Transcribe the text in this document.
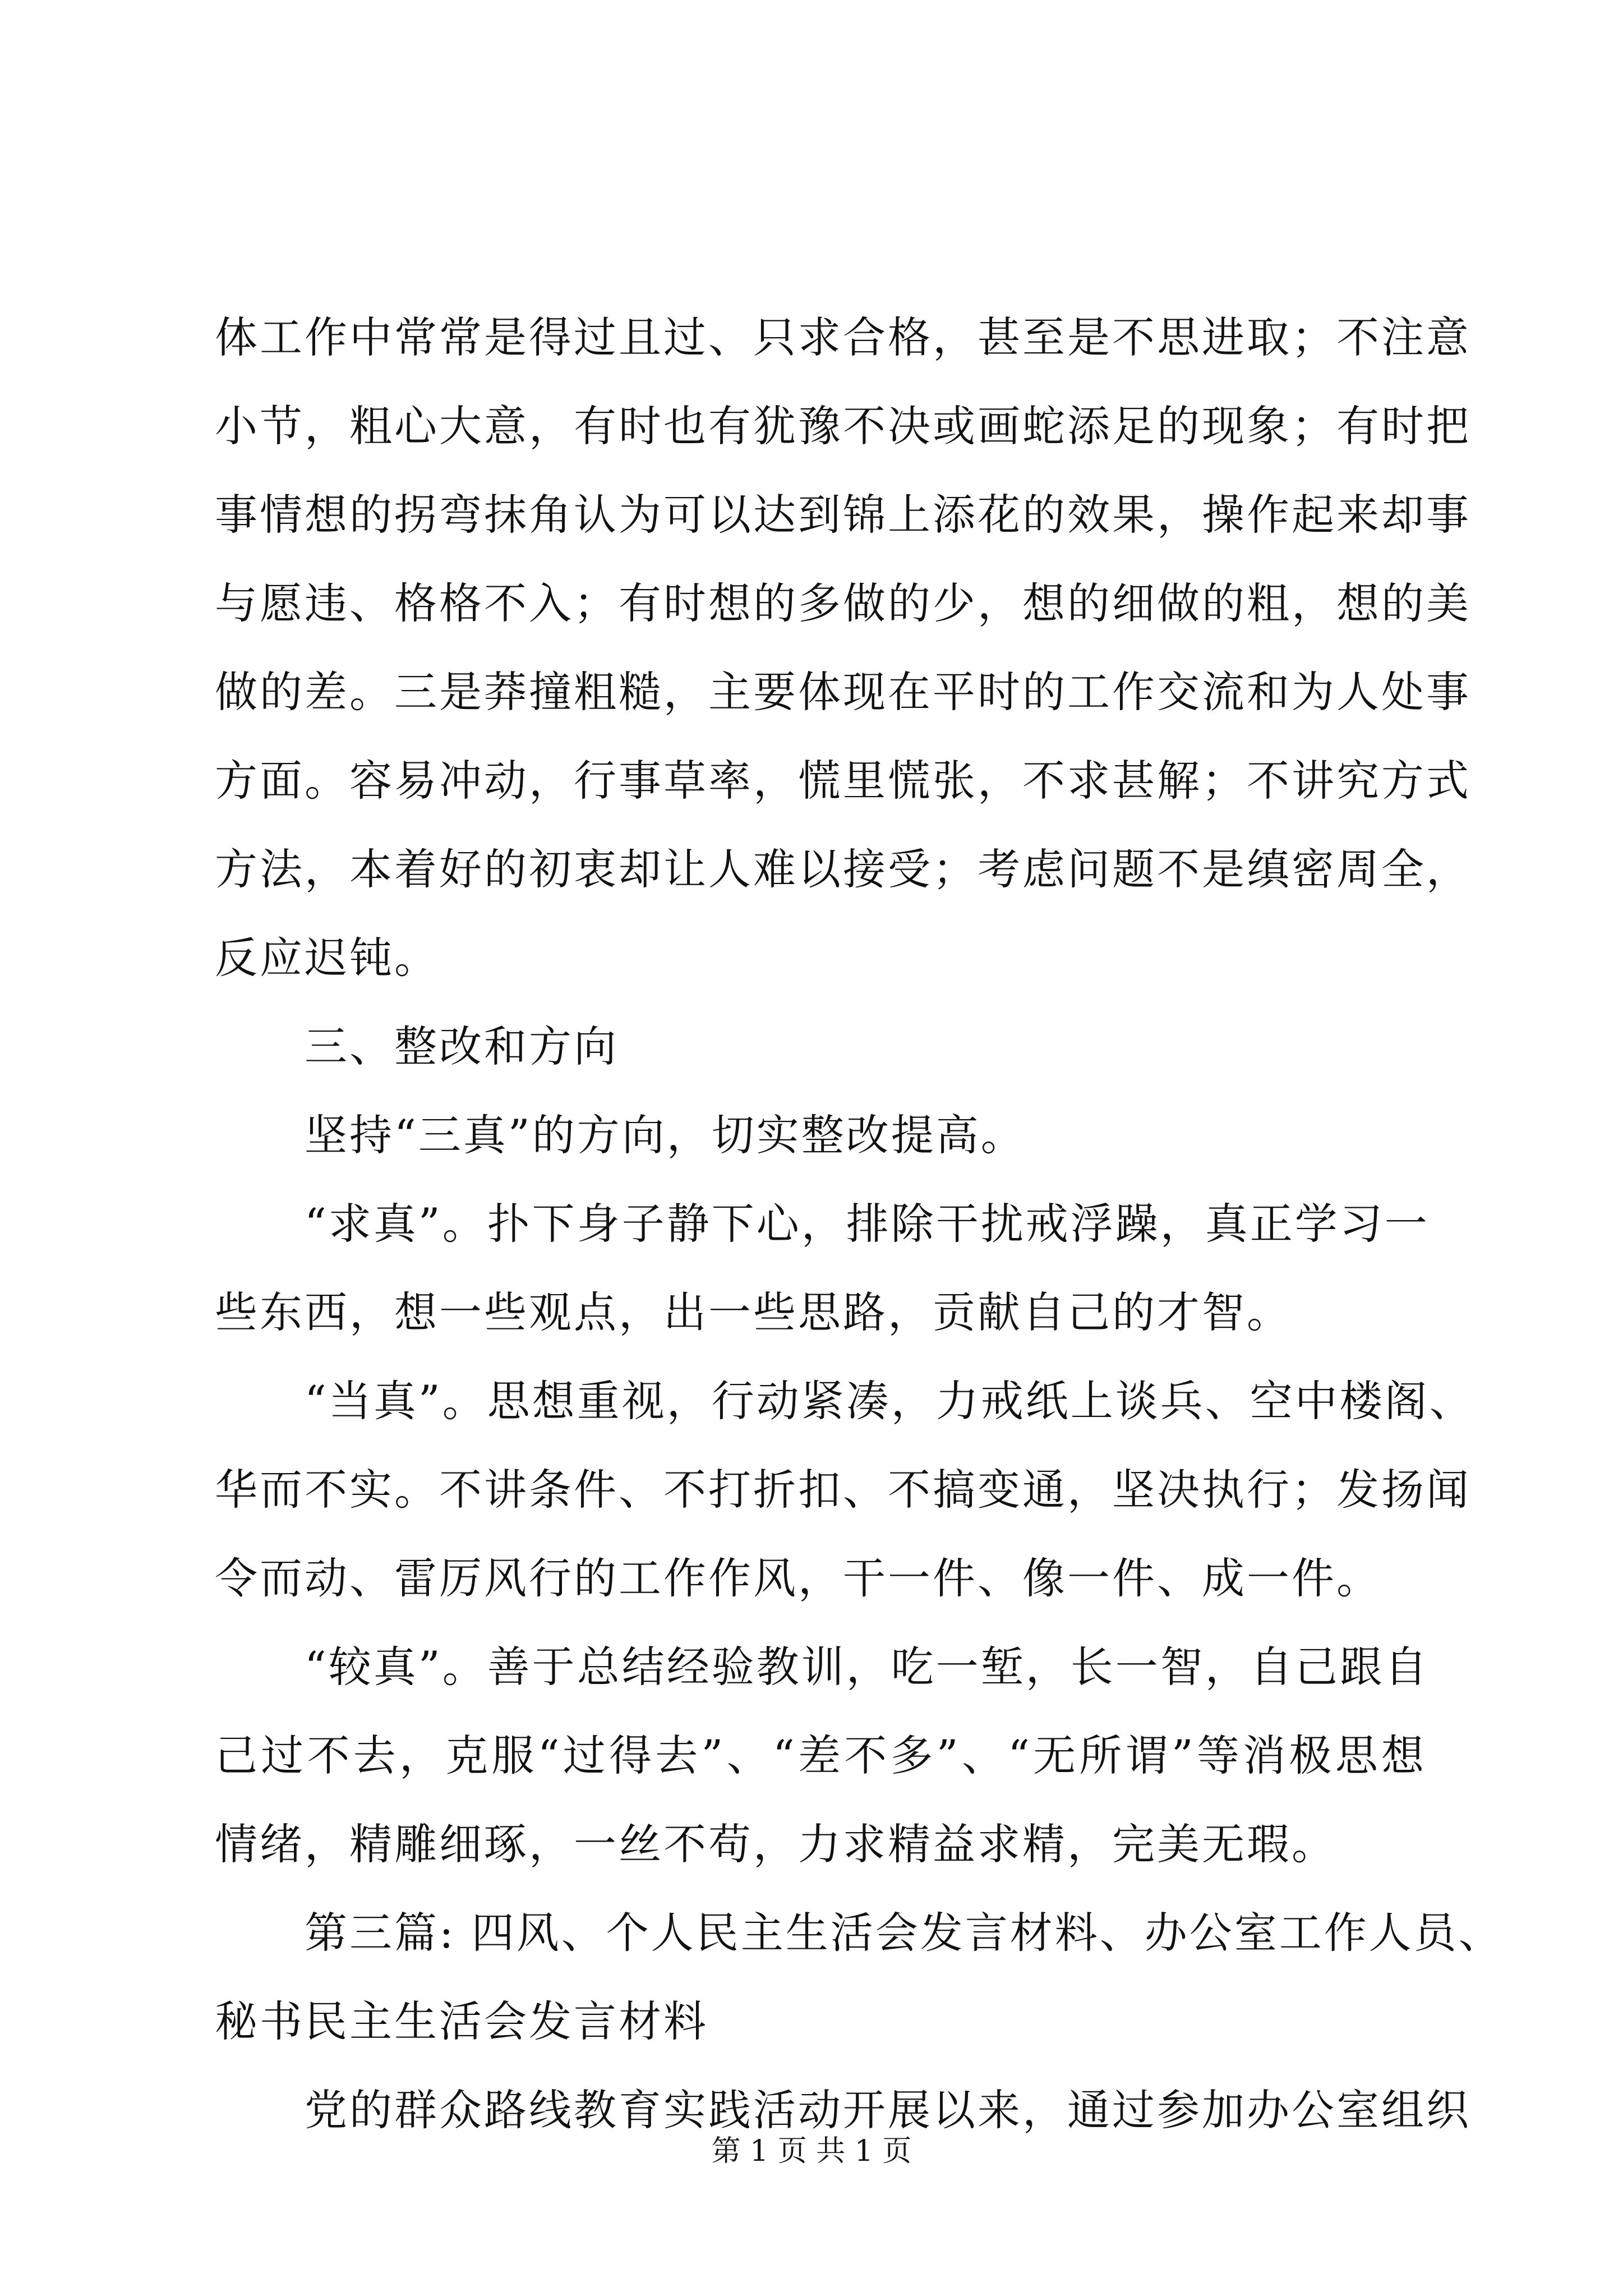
体工作中常常是得过且过、只求合格，甚至是不思进取；不注意
小节，粗心大意，有时也有犹豫不决或画蛇添足的现象；有时把
事情想的拐弯抹角认为可以达到锦上添花的效果，操作起来却事
与愿违、格格不入；有时想的多做的少，想的细做的粗，想的美
做的差。三是莽撞粗糙，主要体现在平时的工作交流和为人处事
方面。容易冲动，行事草率，慌里慌张，不求甚解；不讲究方式
方法，本着好的初衷却让人难以接受；考虑问题不是缜密周全，
反应迟钝。
三、整改和方向
坚持“三真”的方向，切实整改提高。
“求真”。扑下身子静下心，排除干扰戒浮躁，真正学习一
些东西，想一些观点，出一些思路，贡献自己的才智。
“当真”。思想重视，行动紧凑，力戒纸上谈兵、空中楼阁、
华而不实。不讲条件、不打折扣、不搞变通，坚决执行；发扬闻
令而动、雷厉风行的工作作风，干一件、像一件、成一件。
“较真”。善于总结经验教训，吃一堑，长一智，自己跟自
己过不去，克服“过得去”、“差不多”、“无所谓”等消极思想
情绪，精雕细琢，一丝不苟，力求精益求精，完美无瑕。
第三篇: 四风、个人民主生活会发言材料、办公室工作人员、
秘书民主生活会发言材料
党的群众路线教育实践活动开展以来，通过参加办公室组织
第 1 页 共 1 页
